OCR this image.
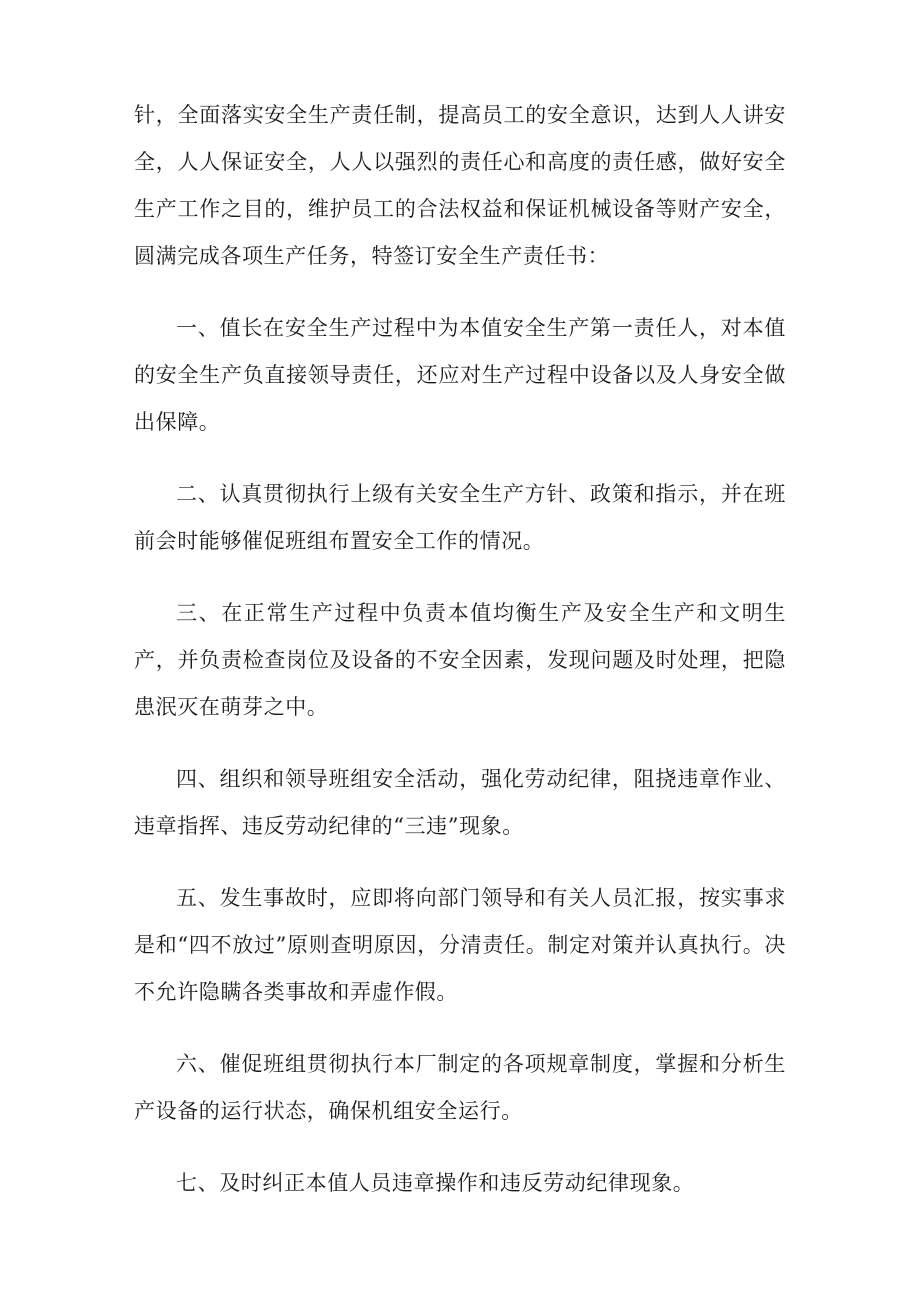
针，全面落实安全生产责任制，提高员工的安全意识，达到人人讲安全，人人保证安全，人人以强烈的责任心和高度的责任感，做好安全生产工作之目的，维护员工的合法权益和保证机械设备等财产安全，圆满完成各项生产任务，特签订安全生产责任书：

一、值长在安全生产过程中为本值安全生产第一责任人，对本值的安全生产负直接领导责任，还应对生产过程中设备以及人身安全做出保障。

二、认真贯彻执行上级有关安全生产方针、政策和指示，并在班前会时能够催促班组布置安全工作的情况。

三、在正常生产过程中负责本值均衡生产及安全生产和文明生产，并负责检查岗位及设备的不安全因素，发现问题及时处理，把隐患泯灭在萌芽之中。

四、组织和领导班组安全活动，强化劳动纪律，阻挠违章作业、违章指挥、违反劳动纪律的“三违”现象。

五、发生事故时，应即将向部门领导和有关人员汇报，按实事求是和“四不放过”原则查明原因，分清责任。制定对策并认真执行。决不允许隐瞒各类事故和弄虚作假。

六、催促班组贯彻执行本厂制定的各项规章制度，掌握和分析生产设备的运行状态，确保机组安全运行。

七、及时纠正本值人员违章操作和违反劳动纪律现象。
